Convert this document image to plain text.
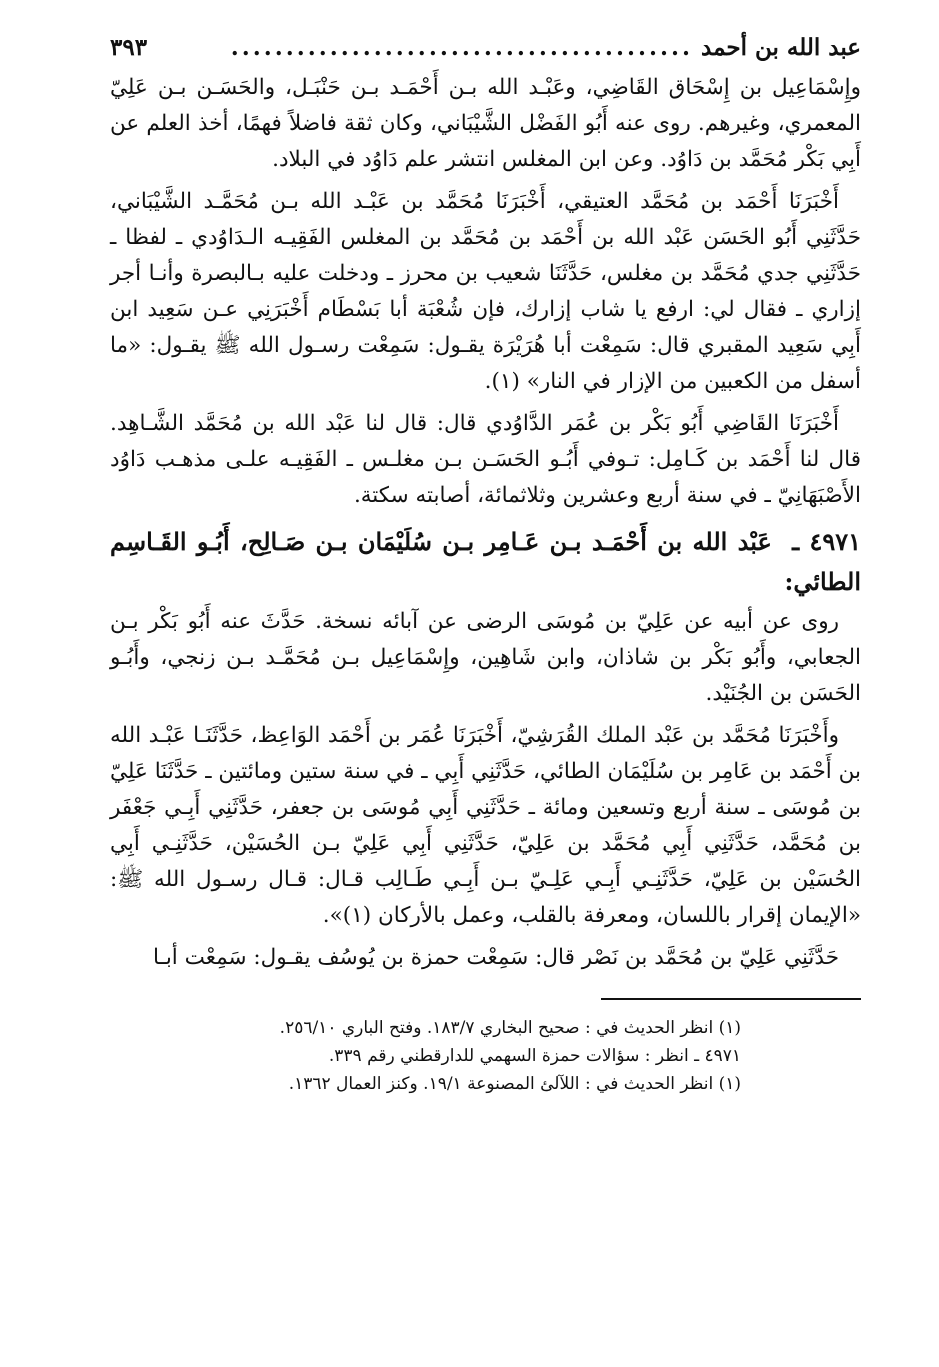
عبد الله بن أحمد
..........................................
٣٩٣

وإِسْمَاعِيل بن إِسْحَاق القَاضِي، وعَبْـد الله بـن أَحْمَـد بـن حَنْبَـل، والحَسَـن بـن عَلِيّ المعمري، وغيرهم. روى عنه أَبُو الفَضْل الشَّيْبَاني، وكان ثقة فاضلاً فهمًا، أخذ العلم عن أَبِي بَكْر مُحَمَّد بن دَاوُد. وعن ابن المغلس انتشر علم دَاوُد في البلاد.

أَخْبَرَنَا أَحْمَد بن مُحَمَّد العتيقي، أَخْبَرَنَا مُحَمَّد بن عَبْـد الله بـن مُحَمَّـد الشَّيْبَاني، حَدَّثَنِي أَبُو الحَسَن عَبْد الله بن أَحْمَد بن مُحَمَّد بن المغلس الفَقِيـه الـدَاوُدي ـ لفظا ـ حَدَّثَنِي جدي مُحَمَّد بن مغلس، حَدَّثَنَا شعيب بن محرز ـ ودخلت عليه بـالبصرة وأنـا أجر إزاري ـ فقال لي: ارفع يا شاب إزارك، فإن شُعْبَة أبا بَسْطَام أَخْبَرَنِي عـن سَعِيد ابن أَبِي سَعِيد المقبري قال: سَمِعْت أبا هُرَيْرَة يقـول: سَمِعْت رسـول الله ﷺ يقـول: «ما أسفل من الكعبين من الإزار في النار» (١).

أَخْبَرَنَا القَاضِي أَبُو بَكْر بن عُمَر الدَّاوُدي قال: قال لنا عَبْد الله بن مُحَمَّد الشَّـاهِد. قال لنا أَحْمَد بن كَـامِل: تـوفي أَبُـو الحَسَـن بـن مغلـس ـ الفَقِيـه علـى مذهـب دَاوُد الأَصْبَهَانِيّ ـ في سنة أربع وعشرين وثلاثمائة، أصابته سكتة.

٤٩٧١ ـ عَبْد الله بن أَحْمَـد بـن عَـامِر بـن سُلَيْمَان بـن صَـالِح، أَبُـو القَـاسِم الطائي:

روى عن أبيه عن عَلِيّ بن مُوسَى الرضى عن آبائه نسخة. حَدَّثَ عنه أَبُو بَكْر بـن الجعابي، وأَبُو بَكْر بن شاذان، وابن شَاهِين، وإِسْمَاعِيل بـن مُحَمَّـد بـن زنجي، وأَبُـو الحَسَن بن الجُنَيْد.

وأَخْبَرَنَا مُحَمَّد بن عَبْد الملك القُرَشِيّ، أَخْبَرَنَا عُمَر بن أَحْمَد الوَاعِظ، حَدَّثَنَـا عَبْـد الله بن أَحْمَد بن عَامِر بن سُلَيْمَان الطائي، حَدَّثَنِي أَبِي ـ في سنة ستين ومائتين ـ حَدَّثَنَا عَلِيّ بن مُوسَى ـ سنة أربع وتسعين ومائة ـ حَدَّثَنِي أَبِي مُوسَى بن جعفر، حَدَّثَنِي أَبِـي جَعْفَر بن مُحَمَّد، حَدَّثَنِي أَبِي مُحَمَّد بن عَلِيّ، حَدَّثَنِي أَبِي عَلِيّ بـن الحُسَيْن، حَدَّثَنِـي أَبِي الحُسَيْن بن عَلِيّ، حَدَّثَنِـي أَبِـي عَلِـيّ بـن أَبِـي طَـالِب قـال: قـال رسـول الله ﷺ: «الإيمان إقرار باللسان، ومعرفة بالقلب، وعمل بالأركان (١)».

حَدَّثَنِي عَلِيّ بن مُحَمَّد بن نَصْر قال: سَمِعْت حمزة بن يُوسُف يقـول: سَمِعْت أبـا

(١) انظر الحديث في : صحيح البخاري ١٨٣/٧. وفتح الباري ٢٥٦/١٠.
٤٩٧١ ـ انظر : سؤالات حمزة السهمي للدارقطني رقم ٣٣٩.
(١) انظر الحديث في : اللآلئ المصنوعة ١٩/١. وكنز العمال ١٣٦٢.
